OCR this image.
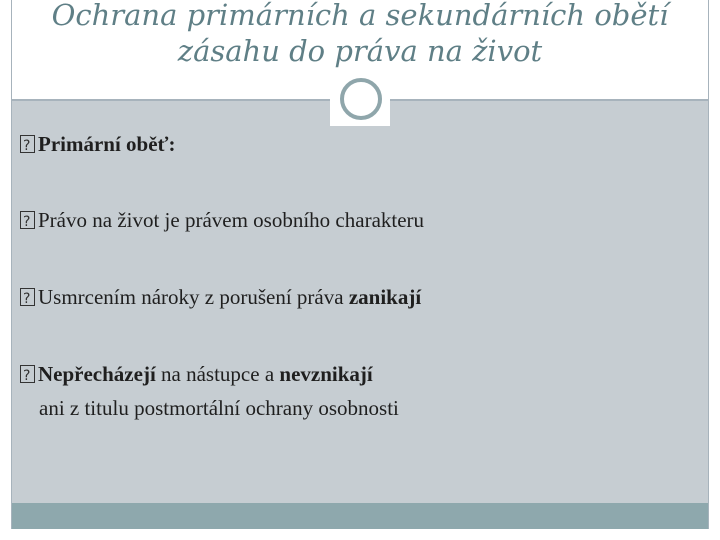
Ochrana primárních a sekundárních obětí
zásahu do práva na život
?Primární oběť:
?Právo na život je právem osobního charakteru
?Usmrcením nároky z porušení práva zanikají
?Nepřecházejí na nástupce a nevznikají
ani z titulu postmortální ochrany osobnosti
